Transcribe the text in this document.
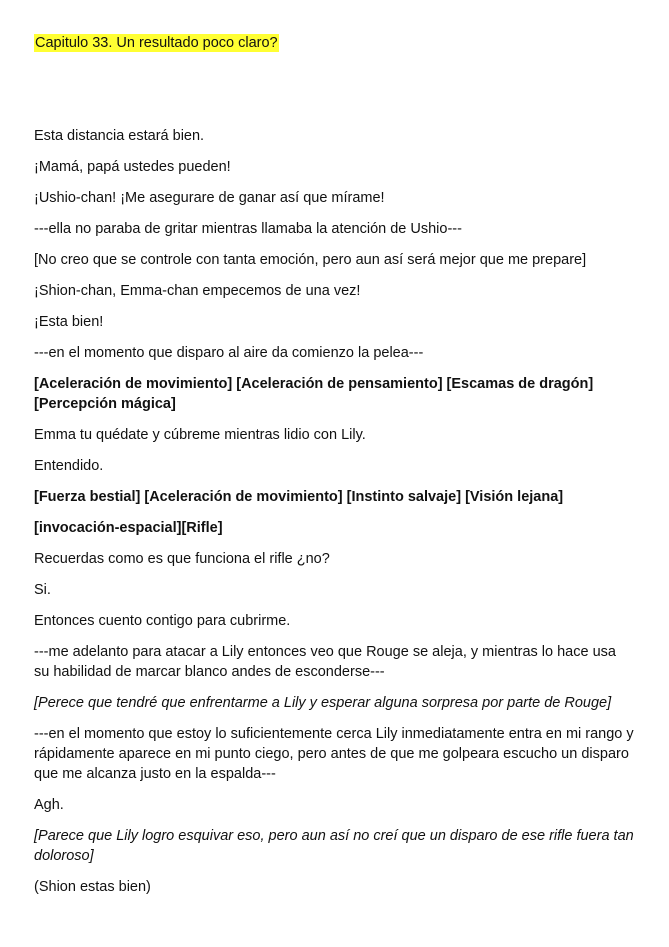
Capitulo 33. Un resultado poco claro?

Esta distancia estará bien.

¡Mamá, papá ustedes pueden!

¡Ushio-chan! ¡Me asegurare de ganar así que mírame!

---ella no paraba de gritar mientras llamaba la atención de Ushio---

[No creo que se controle con tanta emoción, pero aun así será mejor que me prepare]

¡Shion-chan, Emma-chan empecemos de una vez!

¡Esta bien!

---en el momento que disparo al aire da comienzo la pelea---

[Aceleración de movimiento] [Aceleración de pensamiento] [Escamas de dragón][Percepción mágica]

Emma tu quédate y cúbreme mientras lidio con Lily.

Entendido.

[Fuerza bestial] [Aceleración de movimiento] [Instinto salvaje] [Visión lejana]

[invocación-espacial][Rifle]

Recuerdas como es que funciona el rifle ¿no?

Si.

Entonces cuento contigo para cubrirme.

---me adelanto para atacar a Lily entonces veo que Rouge se aleja, y mientras lo hace usa su habilidad de marcar blanco andes de esconderse---

[Perece que tendré que enfrentarme a Lily y esperar alguna sorpresa por parte de Rouge]

---en el momento que estoy lo suficientemente cerca Lily inmediatamente entra en mi rango y rápidamente aparece en mi punto ciego, pero antes de que me golpeara escucho un disparo que me alcanza justo en la espalda---

Agh.

[Parece que Lily logro esquivar eso, pero aun así no creí que un disparo de ese rifle fuera tan doloroso]

(Shion estas bien)
